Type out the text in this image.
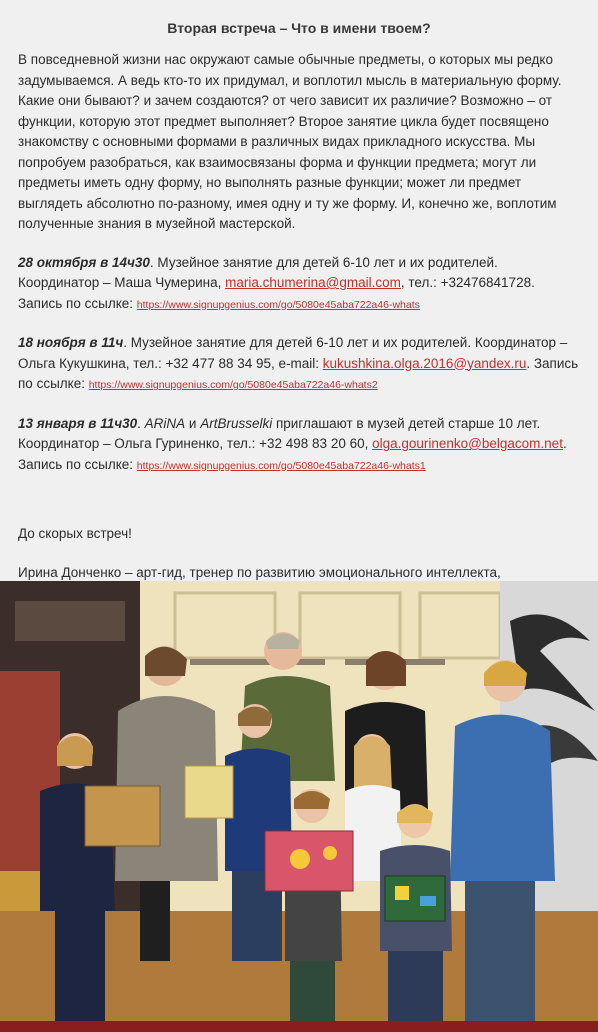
Вторая встреча – Что в имени твоем?

В повседневной жизни нас окружают самые обычные предметы, о которых мы редко задумываемся. А ведь кто-то их придумал, и воплотил мысль в материальную форму. Какие они бывают? и зачем создаются? от чего зависит их различие? Возможно – от функции, которую этот предмет выполняет? Второе занятие цикла будет посвящено знакомству с основными формами в различных видах прикладного искусства. Мы попробуем разобраться, как взаимосвязаны форма и функции предмета; могут ли предметы иметь одну форму, но выполнять разные функции; может ли предмет выглядеть абсолютно по-разному, имея одну и ту же форму. И, конечно же, воплотим полученные знания в музейной мастерской.

28 октября в 14ч30. Музейное занятие для детей 6-10 лет и их родителей. Координатор – Маша Чумерина, maria.chumerina@gmail.com, тел.: +32476841728. Запись по ссылке: https://www.signupgenius.com/go/5080e45aba722a46-whats

18 ноября в 11ч. Музейное занятие для детей 6-10 лет и их родителей. Координатор – Ольга Кукушкина, тел.: +32 477 88 34 95, e-mail: kukushkina.olga.2016@yandex.ru. Запись по ссылке: https://www.signupgenius.com/go/5080e45aba722a46-whats2

13 января в 11ч30. ARiNA и ArtBrusselki приглашают в музей детей старше 10 лет. Координатор – Ольга Гуриненко, тел.: +32 498 83 20 60, olga.gourinenko@belgacom.net. Запись по ссылке: https://www.signupgenius.com/go/5080e45aba722a46-whats1

До скорых встреч!

Ирина Донченко – арт-гид, тренер по развитию эмоционального интеллекта,
